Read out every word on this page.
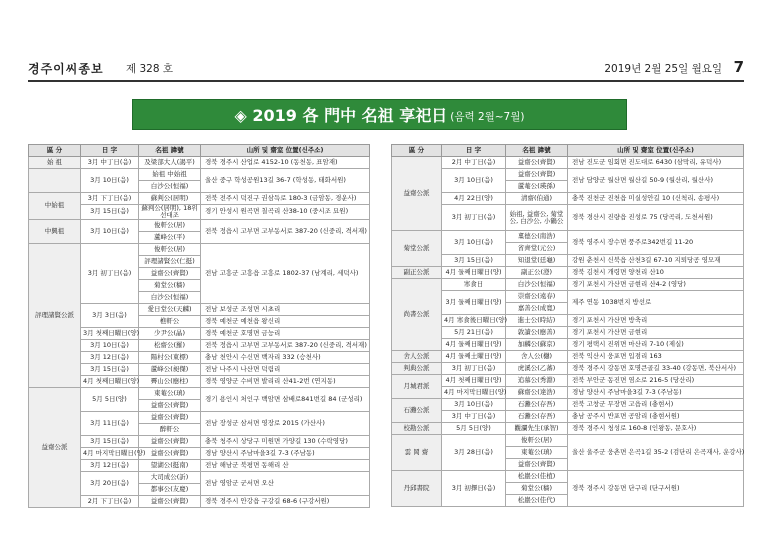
경주이씨종보 제 328 호	2019년 2월 25일 월요일 7
◈ 2019 各 門中 名祖 享祀日 (음력 2월~7월)
區 分	日 字	名祖 諱號	山所 및 齋室 位置(신주소)
始 祖	3月 中丁日(음)	及梁部大人(謁平)	경북 경주시 산업로 4152-10 (동천동, 표암재)
	3月 10日(음)	始祖 中始祖	울산 중구 학성공원13길 36-7 (학성동, 태화서원)
		白沙公(恒福)	
中始祖	3月 下丁日(음)	蘇判公(居明)	전북 전주시 덕진구 권삼득로 180-3 (금암동, 경운사)
	3月 15日(음)	蘇判公(居明), 18위 선대조	경기 안성시 원곡면 칠곡리 산38-10 (중시조 묘원)
中興祖	3月 10日(음)	俊軒公(居)	전북 정읍시 고부면 고부동서로 387-20 (신중리, 격서재)
		蘆峰公(平)	
評理諸賢公派	3月 初丁日(음)	俊軒公(居)	전남 고흥군 고흥읍 고흥로 1802-37 (남계리, 세덕사)
		評理諸賢公(仁挺)	
		益齋公(齊賢)	
		菊堂公(穡)	
		白沙公(恒福)	
	3月 3日(음)	愛日堂公(天麟)	전남 보성군 조성면 시초리
		樵軒公	경북 예천군 예천읍 왕신리
	3月 첫째日曜日(양)	少尹公(晶)	경북 예천군 호명면 금능리
	3月 10日(음)	松齋公(羅)	전북 정읍시 고부면 고부동서로 387-20 (신중리, 격서재)
	3月 12日(음)	陽村公(東標)	충남 천안시 수신면 백자리 332 (승천사)
	3月 15日(음)	蘆峰公(昶傑)	전남 나주시 나산면 덕림리
	4月 첫째日曜日(양)	霽山公(應柱)	경북 영양군 수비면 발리리 산41-2번 (연지동)
益齋公派	5月 5日(양)	東菴公(瑱)	경기 용인시 처인구 백암면 삼배로841번길 84 (군성리)
		益齋公(齊賢)	
	3月 11日(음)	益齋公(齊賢)	전남 장성군 삼서면 영장로 2015 (가산사)
		醉軒公	
	3月 15日(음)	益齋公(齊賢)	충북 청주시 상당구 미원면 가양길 130 (수락영당)
	4月 마지막日曜日(양)	益齋公(齊賢)	경남 양산시 주남마을3길 7-3 (주남동)
	3月 12日(음)	望湖公(挺南)	전남 해남군 북평면 동해리 산
	3月 20日(음)	大司成公(訢)	전남 영암군 군서면 오산
		都事公(友慶)	
	2月 下丁日(음)	益齋公(齊賢)	경북 경주시 안강읍 구강길 68-6 (구강서원)
區 分	日 字	名祖 諱號	山所 및 齋室 位置(신주소)
益齋公派	2月 中丁日(음)	益齋公(齊賢)	전남 진도군 임회면 진도대로 6430 (삼막리, 유덕사)
	3月 10日(음)	益齋公(齊賢)	전남 담양군 월산면 월산길 50-9 (월산리, 월산사)
		蘆菴公(瑛孫)	
	4月 22日(양)	清齋(伯通)	충북 진천군 진천읍 미실성안길 10 (신척리, 송평사)
	3月 初丁日(음)	始祖, 益齋公, 菊堂公, 白沙公, 小鶴公	경북 경산시 진량읍 진성로 75 (당곡리, 도천서원)
菊堂公派	3月 10日(음)	稟德公(南浩)	경북 영주시 장수면 풍주로342번길 11-20
		省齊堂(元公)	
	3月 15日(음)	知退堂(廷龜)	강원 춘천시 신북읍 산천3길 67-10 지퇴당공 영모재
副正公派	4月 둘째日曜日(양)	副正公(澄)	경북 김천시 개령면 양천리 산10
尚書公派	寒食日	白沙公(恒福)	경기 포천시 가산면 금현리 산4-2 (영당)
	3月 둘째日曜日(양)	崇齋公(遠春)	제주 연동 1038번지 방선로
		嘉善公(成寬)	
	4月 寒食後日曜日(양)	進士公(時結)	경기 포천시 가산면 방축리
	5月 21日(음)	敦讀公(應善)	경기 포천시 가산면 금현리
	4月 둘째日曜日(양)	加麟公(蘇京)	경기 평택시 진위면 마산리 7-10 (제실)
舍人公派	4月 둘째土曜日(양)	舍人公(樾)	전북 익산시 웅포면 입점리 163
判典公派	3月 初丁日(음)	虎溪公(乙蕃)	경북 경주시 강동면 호명큰골길 33-40 (강동면, 북산서사)
月城君派	4月 첫째日曜日(양)	追慕公(秀淵)	전북 부안군 동진면 염소로 216-5 (당산리)
	4月 마지막日曜日(양)	蘇齋公(達浩)	경남 양산시 주남마을3길 7-3 (주남동)
石灘公派	3月 10日(음)	石灘公(存吾)	전북 고창군 무장면 고읍리 (충현서)
	3月 中丁日(음)	石灘公(存吾)	충남 공주시 반포면 공암리 (충현서원)
校勘公派	5月 5日(양)	觀瀾先生(承智)	경북 경주시 청성로 160-8 (인왕동, 문호사)
雲 岡 齋	3月 28日(음)	俊軒公(居)	울산 울주군 웅촌면 은곡1길 35-2 (검단리 은곡재사, 운강사)
		東菴公(瑱)	
		益齋公(齊賢)	
丹邱書院	3月 初擇日(음)	松巖公(佳植)	경북 경주시 강동면 단구리 (단구서원)
		菊堂公(穡)	
		松巖公(佳代)	
